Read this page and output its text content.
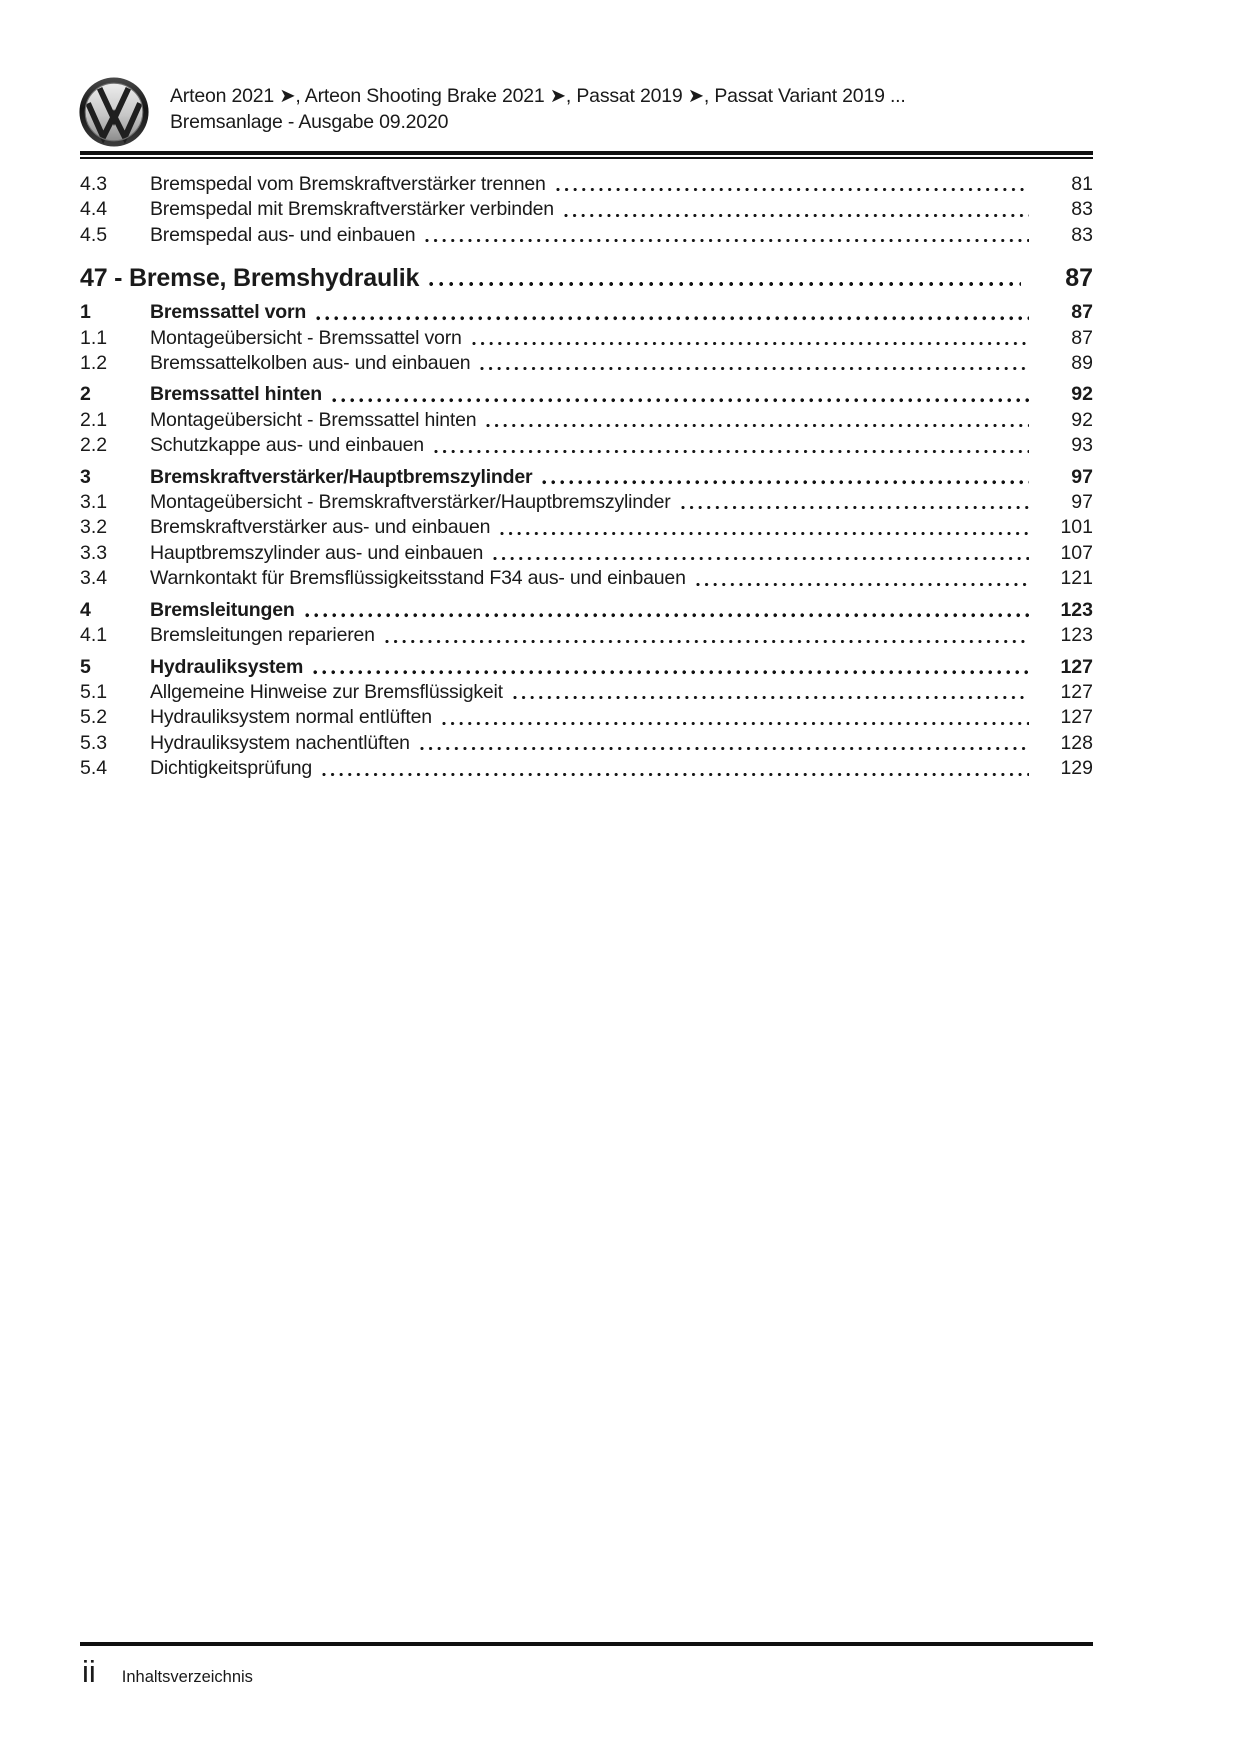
Arteon 2021 ➤, Arteon Shooting Brake 2021 ➤, Passat 2019 ➤, Passat Variant 2019 ...
Bremsanlage - Ausgabe 09.2020
4.3	Bremspedal vom Bremskraftverstärker trennen	81
4.4	Bremspedal mit Bremskraftverstärker verbinden	83
4.5	Bremspedal aus- und einbauen	83
47 - Bremse, Bremshydraulik	87
1	Bremssattel vorn	87
1.1	Montageübersicht - Bremssattel vorn	87
1.2	Bremssattelkolben aus- und einbauen	89
2	Bremssattel hinten	92
2.1	Montageübersicht - Bremssattel hinten	92
2.2	Schutzkappe aus- und einbauen	93
3	Bremskraftverstärker/Hauptbremszylinder	97
3.1	Montageübersicht - Bremskraftverstärker/Hauptbremszylinder	97
3.2	Bremskraftverstärker aus- und einbauen	101
3.3	Hauptbremszylinder aus- und einbauen	107
3.4	Warnkontakt für Bremsflüssigkeitsstand F34 aus- und einbauen	121
4	Bremsleitungen	123
4.1	Bremsleitungen reparieren	123
5	Hydrauliksystem	127
5.1	Allgemeine Hinweise zur Bremsflüssigkeit	127
5.2	Hydrauliksystem normal entlüften	127
5.3	Hydrauliksystem nachentlüften	128
5.4	Dichtigkeitsprüfung	129
ii Inhaltsverzeichnis
